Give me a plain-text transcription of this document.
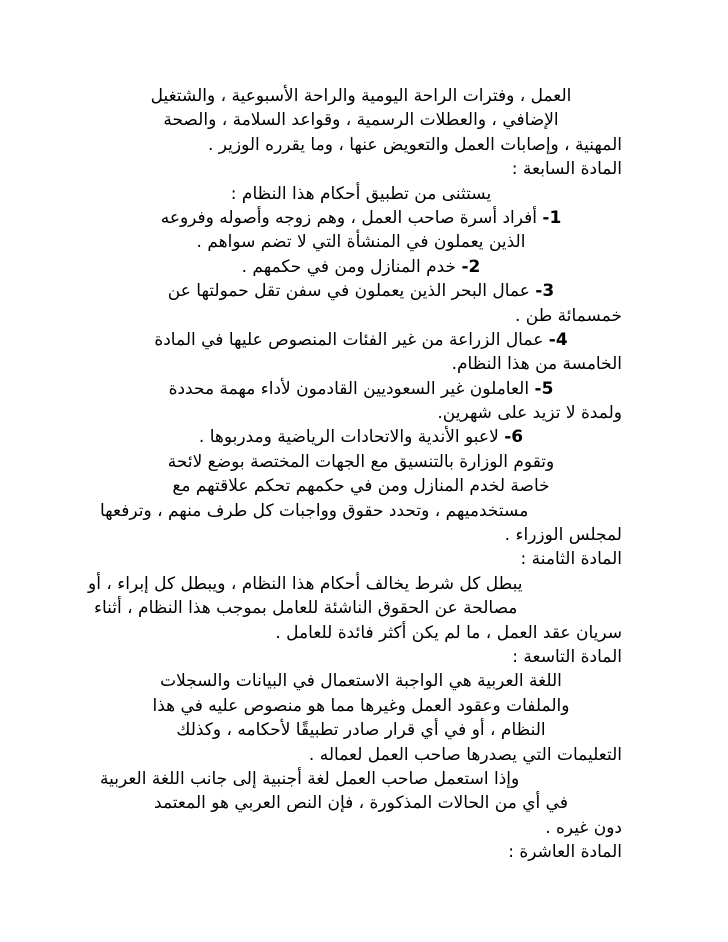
العمل ، وفترات الراحة اليومية والراحة الأسبوعية ، والشتغيل
الإضافي ، والعطلات الرسمية ، وقواعد السلامة ، والصحة
المهنية ، وإصابات العمل والتعويض عنها ، وما يقرره الوزير .
المادة السابعة :
يستثنى من تطبيق أحكام هذا النظام :
1- أفراد أسرة صاحب العمل ، وهم زوجه وأصوله وفروعه
الذين يعملون في المنشأة التي لا تضم سواهم .
2- خدم المنازل ومن في حكمهم .
3- عمال البحر الذين يعملون في سفن تقل حمولتها عن
خمسمائة طن .
4- عمال الزراعة من غير الفئات المنصوص عليها في المادة
الخامسة من هذا النظام.
5- العاملون غير السعوديين القادمون لأداء مهمة محددة
ولمدة لا تزيد على شهرين.
6- لاعبو الأندية والاتحادات الرياضية ومدربوها .
وتقوم الوزارة بالتنسيق مع الجهات المختصة بوضع لائحة
خاصة لخدم المنازل ومن في حكمهم تحكم علاقتهم مع
مستخدميهم ، وتحدد حقوق وواجبات كل طرف منهم ، وترفعها
لمجلس الوزراء .
المادة الثامنة :
يبطل كل شرط يخالف أحكام هذا النظام ، ويبطل كل إبراء ، أو
مصالحة عن الحقوق الناشئة للعامل بموجب هذا النظام ، أثناء
سريان عقد العمل ، ما لم يكن أكثر فائدة للعامل .
المادة التاسعة :
اللغة العربية هي الواجبة الاستعمال في البيانات والسجلات
والملفات وعقود العمل وغيرها مما هو منصوص عليه في هذا
النظام ، أو في أي قرار صادر تطبيقًا لأحكامه ، وكذلك
التعليمات التي يصدرها صاحب العمل لعماله .
وإذا استعمل صاحب العمل لغة أجنبية إلى جانب اللغة العربية
في أي من الحالات المذكورة ، فإن النص العربي هو المعتمد
دون غيره .
المادة العاشرة :
